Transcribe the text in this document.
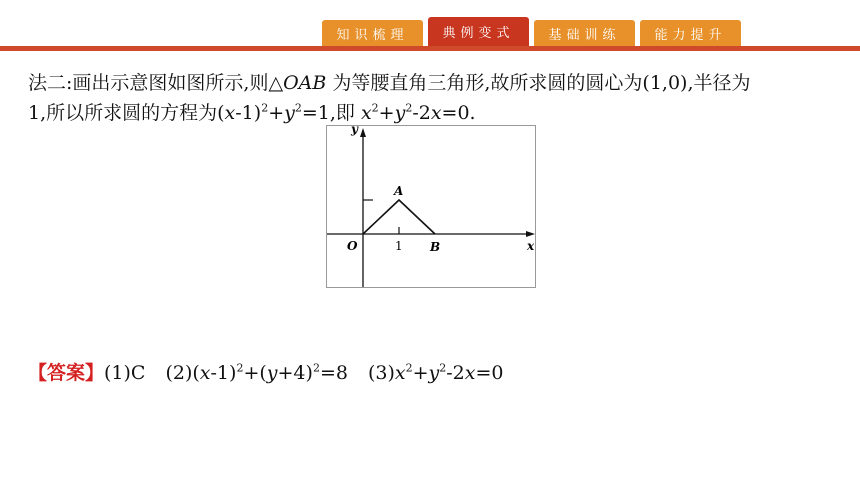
知识梳理	典例变式	基础训练	能力提升
法二:画出示意图如图所示,则△OAB 为等腰直角三角形,故所求圆的圆心为(1,0),半径为
1,所以所求圆的方程为$(x-1)^2+y^2=1$,即 $x^2+y^2-2x=0$.
y
x
A
B
O	1
【答案】(1)C $(2)(x-1)^2+(y+4)^2=8$ $(3)x^2+y^2-2x=0$
